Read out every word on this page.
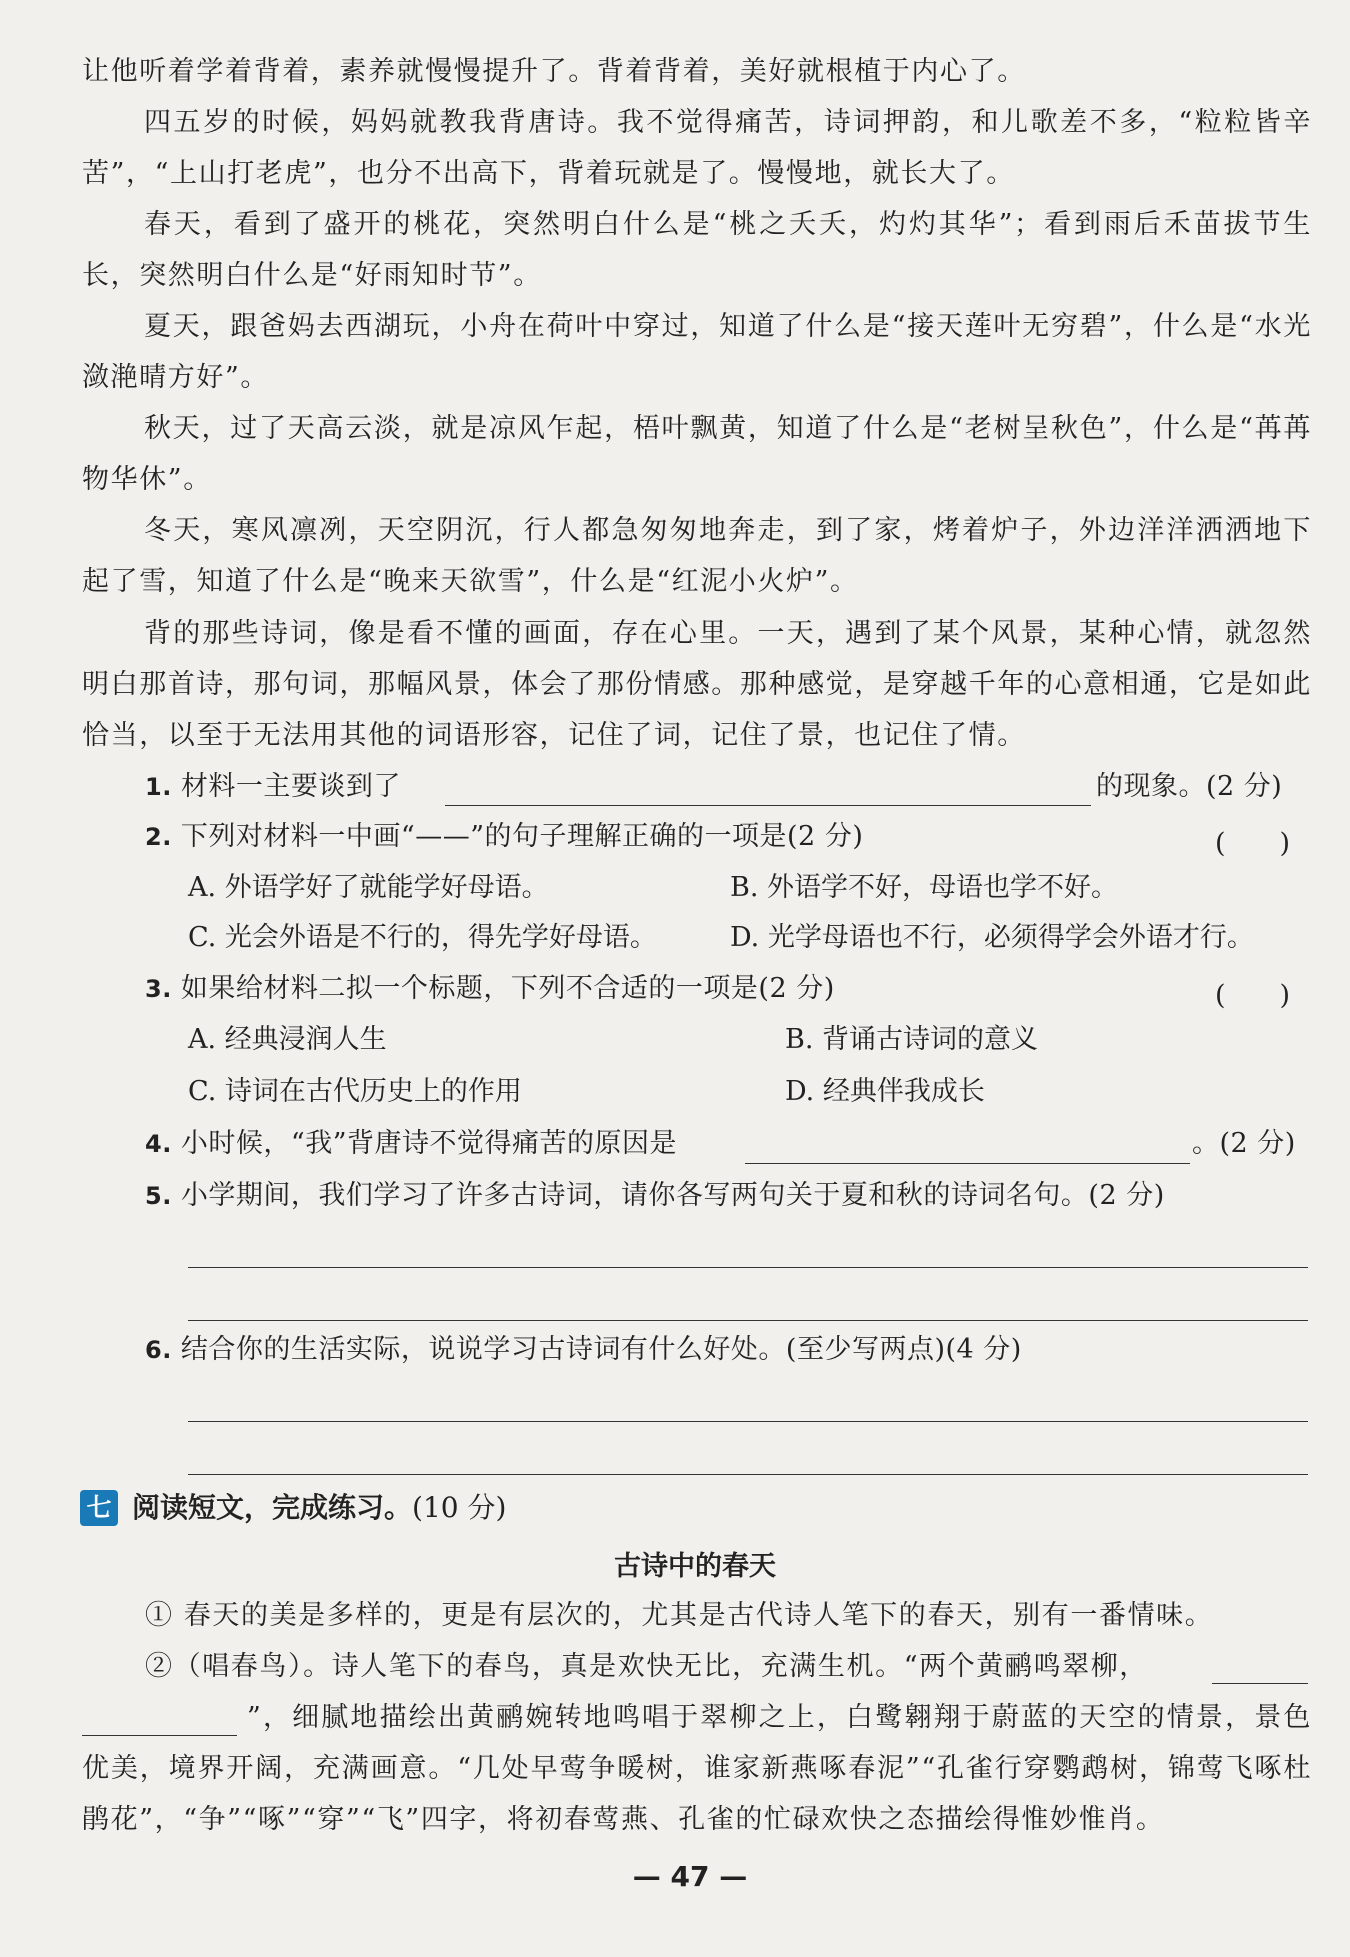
让他听着学着背着，素养就慢慢提升了。背着背着，美好就根植于内心了。

四五岁的时候，妈妈就教我背唐诗。我不觉得痛苦，诗词押韵，和儿歌差不多，“粒粒皆辛苦”，“上山打老虎”，也分不出高下，背着玩就是了。慢慢地，就长大了。

春天，看到了盛开的桃花，突然明白什么是“桃之夭夭，灼灼其华”；看到雨后禾苗拔节生长，突然明白什么是“好雨知时节”。

夏天，跟爸妈去西湖玩，小舟在荷叶中穿过，知道了什么是“接天莲叶无穷碧”，什么是“水光潋滟晴方好”。

秋天，过了天高云淡，就是凉风乍起，梧叶飘黄，知道了什么是“老树呈秋色”，什么是“苒苒物华休”。

冬天，寒风凛冽，天空阴沉，行人都急匆匆地奔走，到了家，烤着炉子，外边洋洋洒洒地下起了雪，知道了什么是“晚来天欲雪”，什么是“红泥小火炉”。

背的那些诗词，像是看不懂的画面，存在心里。一天，遇到了某个风景，某种心情，就忽然明白那首诗，那句词，那幅风景，体会了那份情感。那种感觉，是穿越千年的心意相通，它是如此恰当，以至于无法用其他的词语形容，记住了词，记住了景，也记住了情。

1. 材料一主要谈到了	的现象。(2 分)
2. 下列对材料一中画“——”的句子理解正确的一项是(2 分)	(　　)
A. 外语学好了就能学好母语。	B. 外语学不好，母语也学不好。
C. 光会外语是不行的，得先学好母语。	D. 光学母语也不行，必须得学会外语才行。
3. 如果给材料二拟一个标题，下列不合适的一项是(2 分)	(　　)
A. 经典浸润人生	B. 背诵古诗词的意义
C. 诗词在古代历史上的作用	D. 经典伴我成长
4. 小时候，“我”背唐诗不觉得痛苦的原因是	。(2 分)
5. 小学期间，我们学习了许多古诗词，请你各写两句关于夏和秋的诗词名句。(2 分)
6. 结合你的生活实际，说说学习古诗词有什么好处。(至少写两点)(4 分)
七 阅读短文，完成练习。(10 分)
古诗中的春天

① 春天的美是多样的，更是有层次的，尤其是古代诗人笔下的春天，别有一番情味。

②（唱春鸟）。诗人笔下的春鸟，真是欢快无比，充满生机。“两个黄鹂鸣翠柳，

”，细腻地描绘出黄鹂婉转地鸣唱于翠柳之上，白鹭翱翔于蔚蓝的天空的情景，景色优美，境界开阔，充满画意。“几处早莺争暖树，谁家新燕啄春泥”“孔雀行穿鹦鹉树，锦莺飞啄杜鹃花”，“争”“啄”“穿”“飞”四字，将初春莺燕、孔雀的忙碌欢快之态描绘得惟妙惟肖。

— 47 —
